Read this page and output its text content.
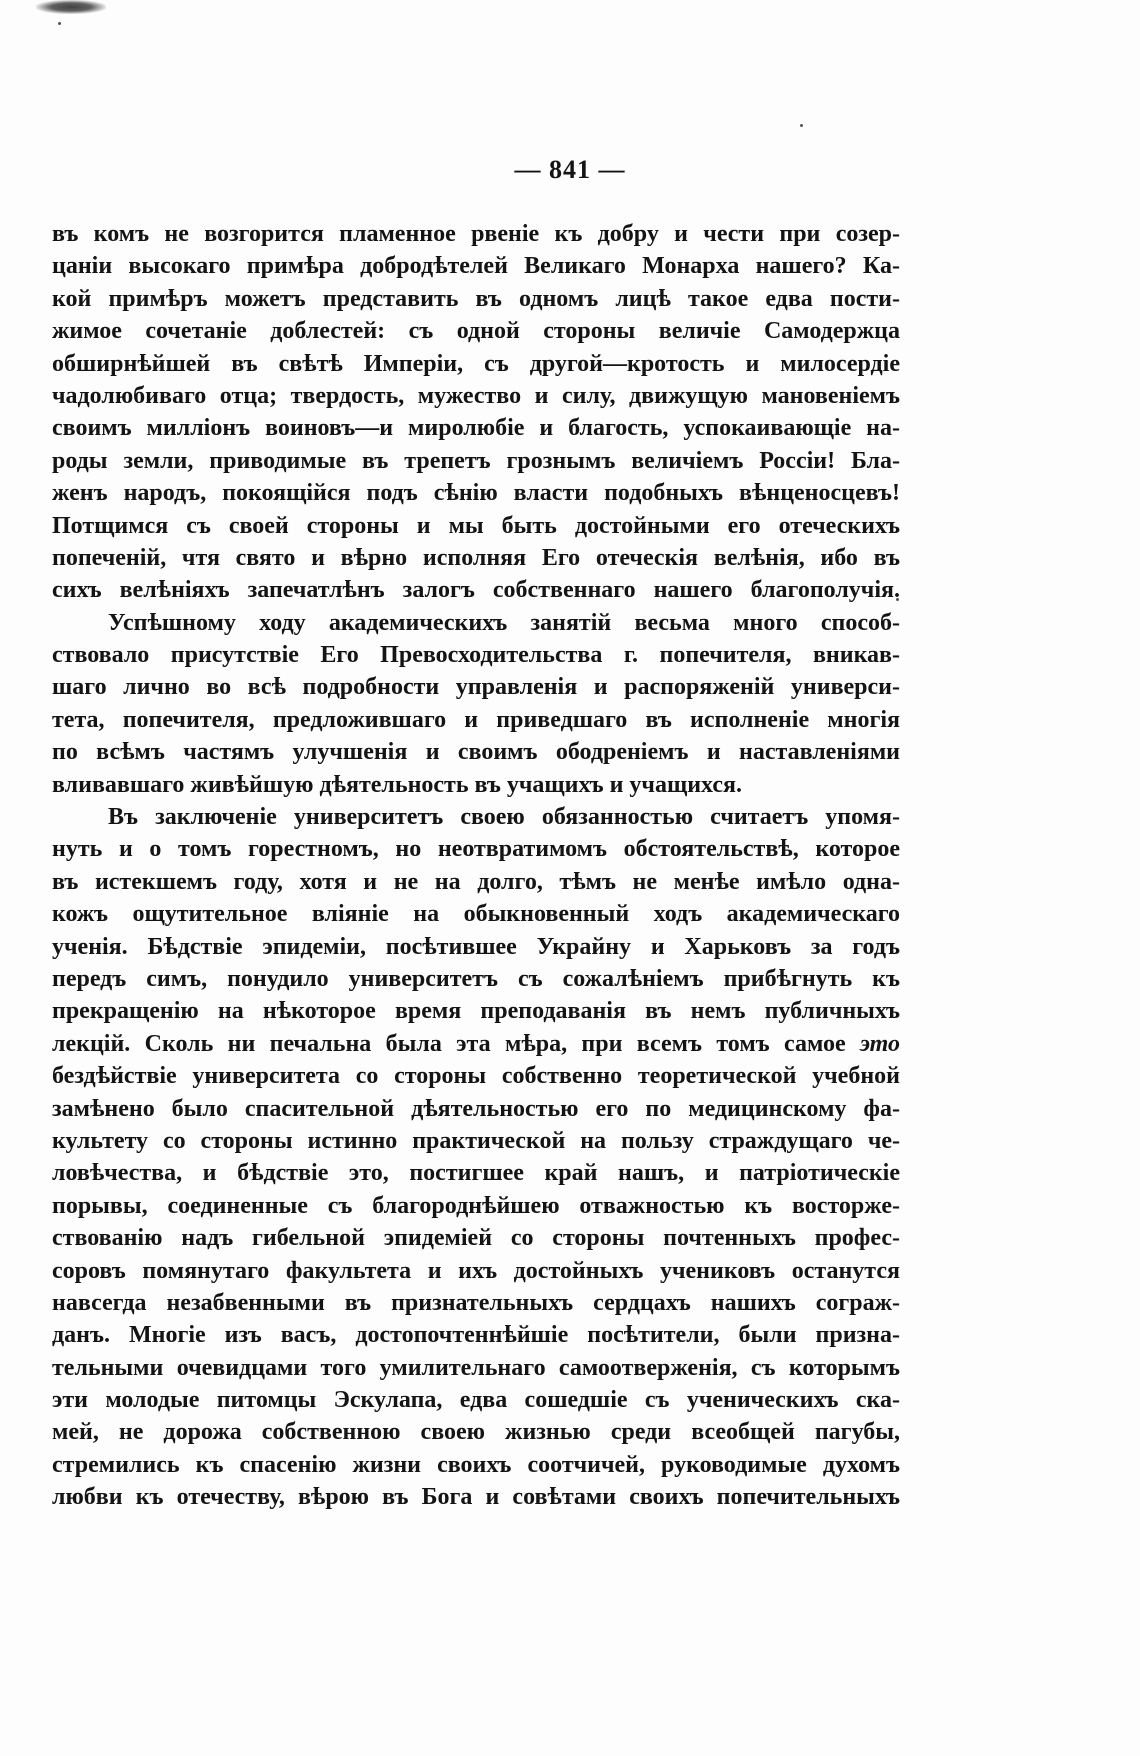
— 841 —
въ комъ не возгорится пламенное рвеніе къ добру и чести при созер-
цаніи высокаго примѣра добродѣтелей Великаго Монарха нашего? Ка-
кой примѣръ можетъ представить въ одномъ лицѣ такое едва пости-
жимое сочетаніе доблестей: съ одной стороны величіе Самодержца
обширнѣйшей въ свѣтѣ Имперіи, съ другой—кротость и милосердіе
чадолюбиваго отца; твердость, мужество и силу, движущую мановеніемъ
своимъ милліонъ воиновъ—и миролюбіе и благость, успокаивающіе на-
роды земли, приводимые въ трепетъ грознымъ величіемъ Россіи! Бла-
женъ народъ, покоящійся подъ сѣнію власти подобныхъ вѣнценосцевъ!
Потщимся съ своей стороны и мы быть достойными его отеческихъ
попеченій, чтя свято и вѣрно исполняя Его отеческія велѣнія, ибо въ
сихъ велѣніяхъ запечатлѣнъ залогъ собственнаго нашего благополучія.
Успѣшному ходу академическихъ занятій весьма много способ-
ствовало присутствіе Его Превосходительства г. попечителя, вникав-
шаго лично во всѣ подробности управленія и распоряженій универси-
тета, попечителя, предложившаго и приведшаго въ исполненіе многія
по всѣмъ частямъ улучшенія и своимъ ободреніемъ и наставленіями
вливавшаго живѣйшую дѣятельность въ учащихъ и учащихся.
Въ заключеніе университетъ своею обязанностью считаетъ упомя-
нуть и о томъ горестномъ, но неотвратимомъ обстоятельствѣ, которое
въ истекшемъ году, хотя и не на долго, тѣмъ не менѣе имѣло одна-
кожъ ощутительное вліяніе на обыкновенный ходъ академическаго
ученія. Бѣдствіе эпидеміи, посѣтившее Украйну и Харьковъ за годъ
передъ симъ, понудило университетъ съ сожалѣніемъ прибѣгнуть къ
прекращенію на нѣкоторое время преподаванія въ немъ публичныхъ
лекцій. Сколь ни печальна была эта мѣра, при всемъ томъ самое это
бездѣйствіе университета со стороны собственно теоретической учебной
замѣнено было спасительной дѣятельностью его по медицинскому фа-
культету со стороны истинно практической на пользу страждущаго че-
ловѣчества, и бѣдствіе это, постигшее край нашъ, и патріотическіе
порывы, соединенные съ благороднѣйшею отважностью къ восторже-
ствованію надъ гибельной эпидеміей со стороны почтенныхъ профес-
соровъ помянутаго факультета и ихъ достойныхъ учениковъ останутся
навсегда незабвенными въ признательныхъ сердцахъ нашихъ сограж-
данъ. Многіе изъ васъ, достопочтеннѣйшіе посѣтители, были призна-
тельными очевидцами того умилительнаго самоотверженія, съ которымъ
эти молодые питомцы Эскулапа, едва сошедшіе съ ученическихъ ска-
мей, не дорожа собственною своею жизнью среди всеобщей пагубы,
стремились къ спасенію жизни своихъ соотчичей, руководимые духомъ
любви къ отечеству, вѣрою въ Бога и совѣтами своихъ попечительныхъ
